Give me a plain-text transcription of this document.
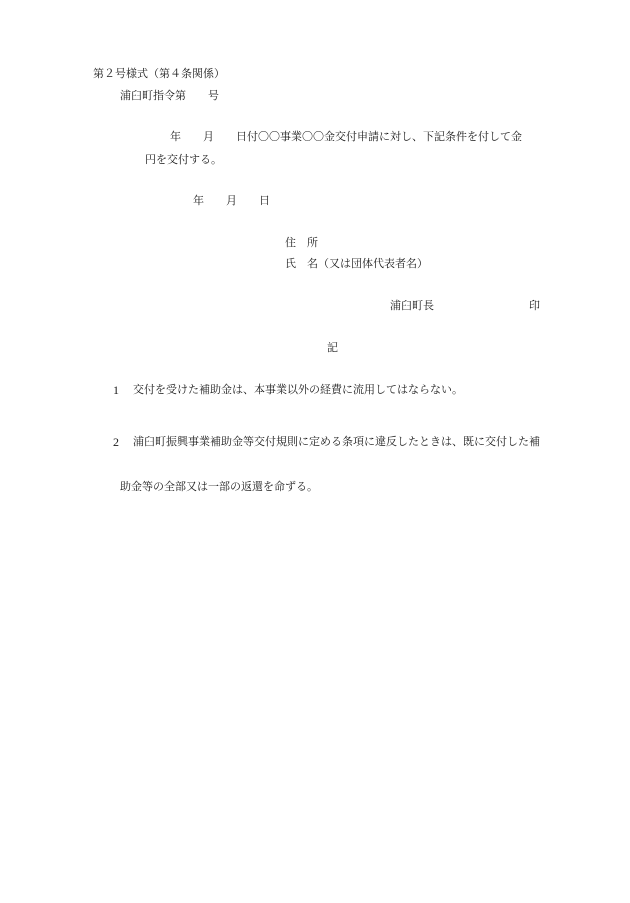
第２号様式（第４条関係）
浦臼町指令第　　号
年　　月　　日付〇〇事業〇〇金交付申請に対し、下記条件を付して金
円を交付する。
年　　月　　日
住　所
氏　名（又は団体代表者名）
浦臼町長	印
記
1 交付を受けた補助金は、本事業以外の経費に流用してはならない。
2 浦臼町振興事業補助金等交付規則に定める条項に違反したときは、既に交付した補
助金等の全部又は一部の返還を命ずる。
